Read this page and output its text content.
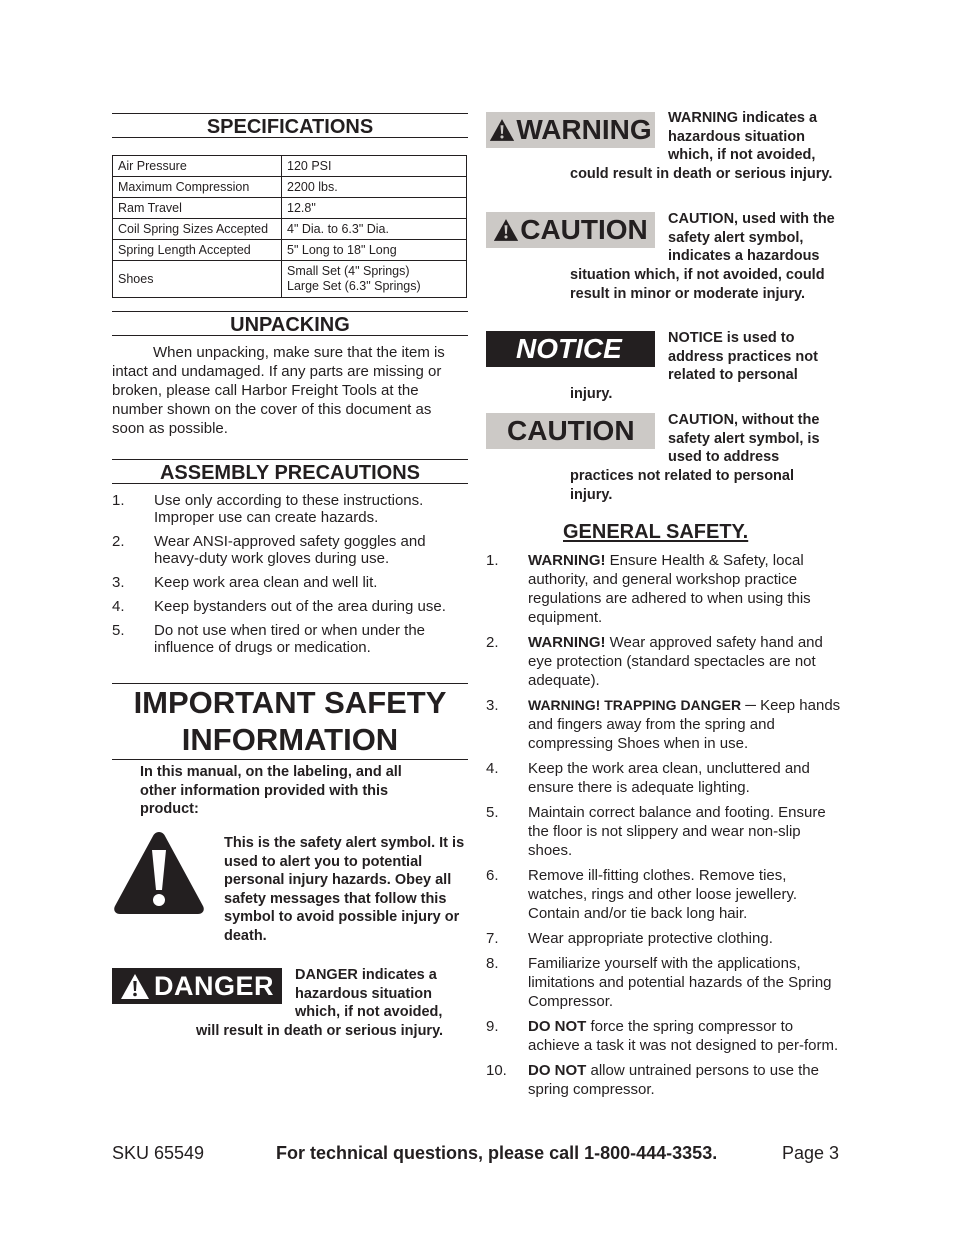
SPECIFICATIONS
Air Pressure	120 PSI
Maximum Compression	2200 lbs.
Ram Travel	12.8"
Coil Spring Sizes Accepted	4" Dia. to 6.3" Dia.
Spring Length Accepted	5" Long to 18" Long
Shoes	Small Set (4" Springs)
Large Set (6.3" Springs)
UNPACKING
When unpacking, make sure that the item is intact and undamaged. If any parts are missing or broken, please call Harbor Freight Tools at the number shown on the cover of this document as soon as possible.
ASSEMBLY PRECAUTIONS
1. Use only according to these instructions. Improper use can create hazards.
2. Wear ANSI-approved safety goggles and heavy-duty work gloves during use.
3. Keep work area clean and well lit.
4. Keep bystanders out of the area during use.
5. Do not use when tired or when under the influence of drugs or medication.
IMPORTANT SAFETY
INFORMATION
In this manual, on the labeling, and all other information provided with this product:
This is the safety alert symbol. It is used to alert you to potential personal injury hazards. Obey all safety messages that follow this symbol to avoid possible injury or death.
DANGER DANGER indicates a hazardous situation which, if not avoided,
will result in death or serious injury.
WARNING WARNING indicates a hazardous situation which, if not avoided,
could result in death or serious injury.
CAUTION CAUTION, used with the safety alert symbol, indicates a hazardous
situation which, if not avoided, could result in minor or moderate injury.
NOTICE	NOTICE is used to address practices not related to personal
injury.
CAUTION CAUTION, without the safety alert symbol, is used to address
practices not related to personal injury.
GENERAL SAFETY.
1. WARNING! Ensure Health & Safety, local authority, and general workshop practice regulations are adhered to when using this equipment.
2. WARNING! Wear approved safety hand and eye protection (standard spectacles are not adequate).
3. WARNING! TRAPPING DANGER ─ Keep hands and fingers away from the spring and compressing Shoes when in use.
4. Keep the work area clean, uncluttered and ensure there is adequate lighting.
5. Maintain correct balance and footing. Ensure the floor is not slippery and wear non-slip shoes.
6. Remove ill-fitting clothes. Remove ties, watches, rings and other loose jewellery. Contain and/or tie back long hair.
7. Wear appropriate protective clothing.
8. Familiarize yourself with the applications, limitations and potential hazards of the Spring Compressor.
9. DO NOT force the spring compressor to achieve a task it was not designed to per-form.
10. DO NOT allow untrained persons to use the spring compressor.
SKU 65549	For technical questions, please call 1-800-444-3353.	Page 3
